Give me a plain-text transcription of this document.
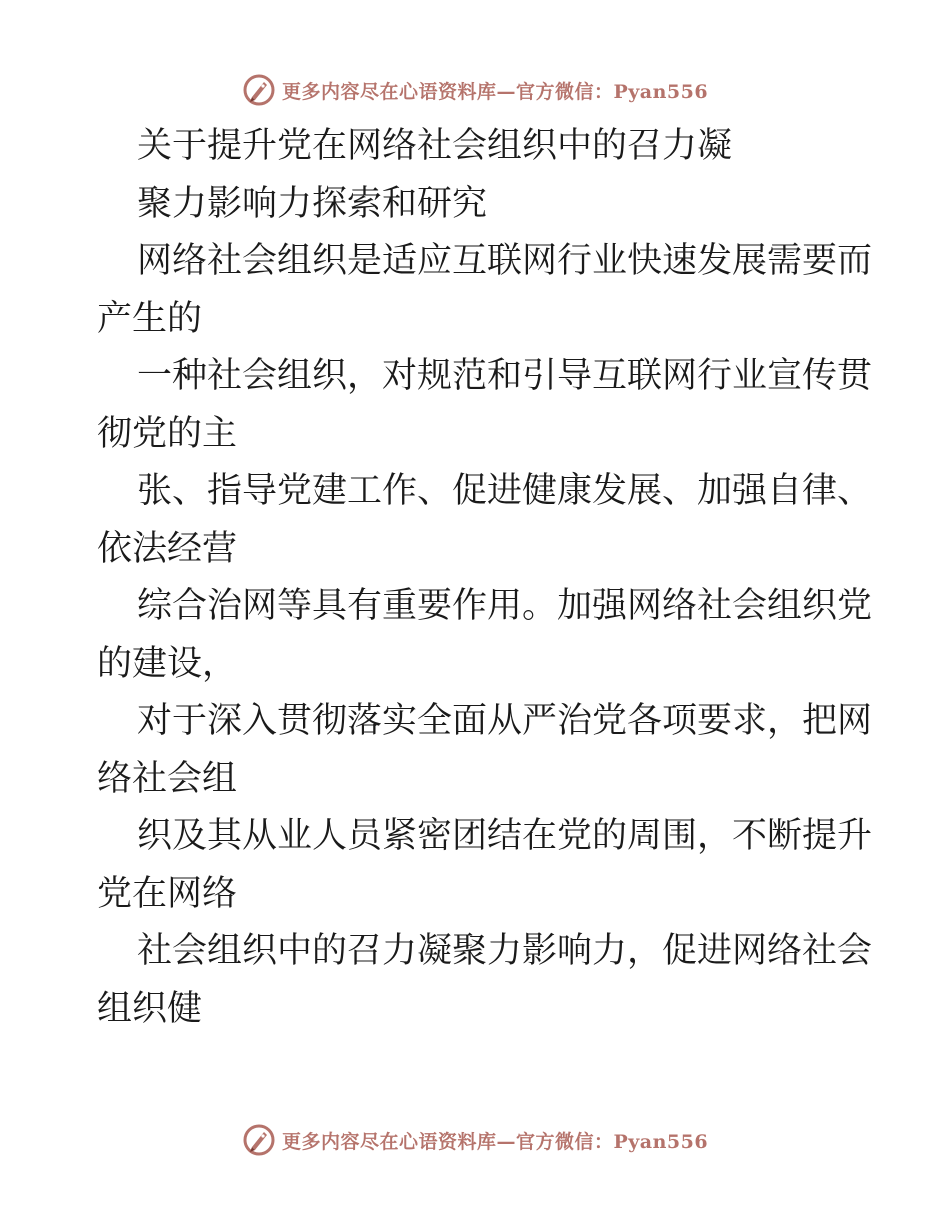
更多内容尽在心语资料库—官方微信：Pyan556
关于提升党在网络社会组织中的召力凝
聚力影响力探索和研究
网络社会组织是适应互联网行业快速发展需要而
产生的
一种社会组织，对规范和引导互联网行业宣传贯
彻党的主
张、指导党建工作、促进健康发展、加强自律、
依法经营
综合治网等具有重要作用。加强网络社会组织党
的建设，
对于深入贯彻落实全面从严治党各项要求，把网
络社会组
织及其从业人员紧密团结在党的周围，不断提升
党在网络
社会组织中的召力凝聚力影响力，促进网络社会
组织健
更多内容尽在心语资料库—官方微信：Pyan556
